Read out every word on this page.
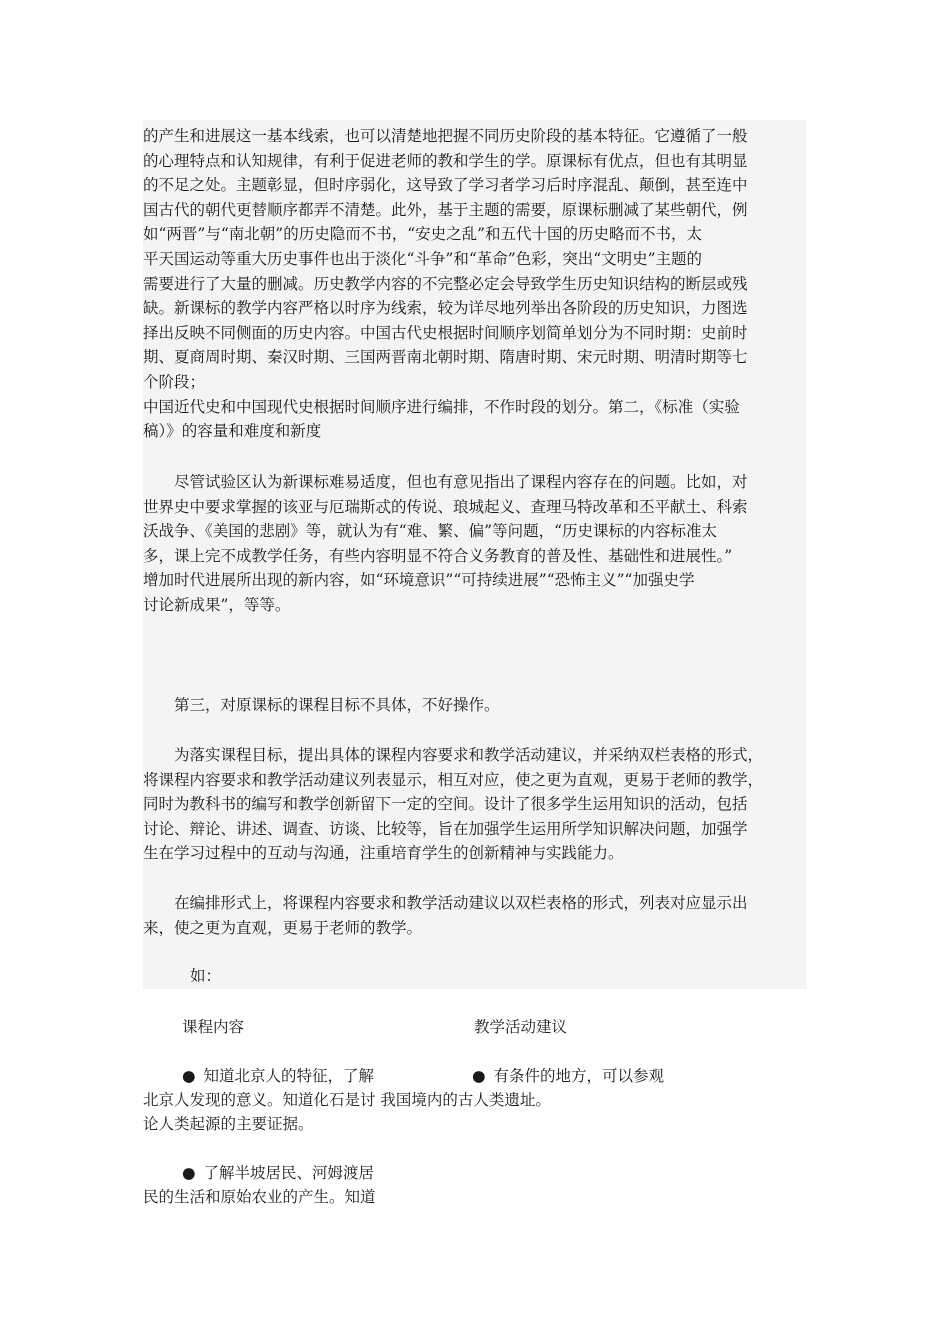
的产生和进展这一基本线索，也可以清楚地把握不同历史阶段的基本特征。它遵循了一般
的心理特点和认知规律，有利于促进老师的教和学生的学。原课标有优点，但也有其明显
的不足之处。主题彰显，但时序弱化，这导致了学习者学习后时序混乱、颠倒，甚至连中
国古代的朝代更替顺序都弄不清楚。此外，基于主题的需要，原课标删减了某些朝代，例
如“两晋”与“南北朝”的历史隐而不书，“安史之乱”和五代十国的历史略而不书，太
平天国运动等重大历史事件也出于淡化“斗争”和“革命”色彩，突出“文明史”主题的
需要进行了大量的删减。历史教学内容的不完整必定会导致学生历史知识结构的断层或残
缺。新课标的教学内容严格以时序为线索，较为详尽地列举出各阶段的历史知识，力图选
择出反映不同侧面的历史内容。中国古代史根据时间顺序划简单划分为不同时期：史前时
期、夏商周时期、秦汉时期、三国两晋南北朝时期、隋唐时期、宋元时期、明清时期等七
个阶段；
中国近代史和中国现代史根据时间顺序进行编排，不作时段的划分。第二，《标准（实验
稿）》的容量和难度和新度
　　尽管试验区认为新课标难易适度，但也有意见指出了课程内容存在的问题。比如，对
世界史中要求掌握的该亚与厄瑞斯忒的传说、琅城起义、查理马特改革和丕平献土、科索
沃战争、《美国的悲剧》等，就认为有“难、繁、偏”等问题，“历史课标的内容标准太
多，课上完不成教学任务，有些内容明显不符合义务教育的普及性、基础性和进展性。”
增加时代进展所出现的新内容，如“环境意识”“可持续进展”“恐怖主义”“加强史学
讨论新成果”，等等。
　　第三，对原课标的课程目标不具体，不好操作。
　　为落实课程目标，提出具体的课程内容要求和教学活动建议，并采纳双栏表格的形式，
将课程内容要求和教学活动建议列表显示，相互对应，使之更为直观，更易于老师的教学，
同时为教科书的编写和教学创新留下一定的空间。设计了很多学生运用知识的活动，包括
讨论、辩论、讲述、调查、访谈、比较等，旨在加强学生运用所学知识解决问题，加强学
生在学习过程中的互动与沟通，注重培育学生的创新精神与实践能力。
　　在编排形式上，将课程内容要求和教学活动建议以双栏表格的形式，列表对应显示出
来，使之更为直观，更易于老师的教学。
如：
课程内容	教学活动建议
● 知道北京人的特征，了解	● 有条件的地方，可以参观
北京人发现的意义。知道化石是讨 我国境内的古人类遗址。
论人类起源的主要证据。
● 了解半坡居民、河姆渡居
民的生活和原始农业的产生。知道
